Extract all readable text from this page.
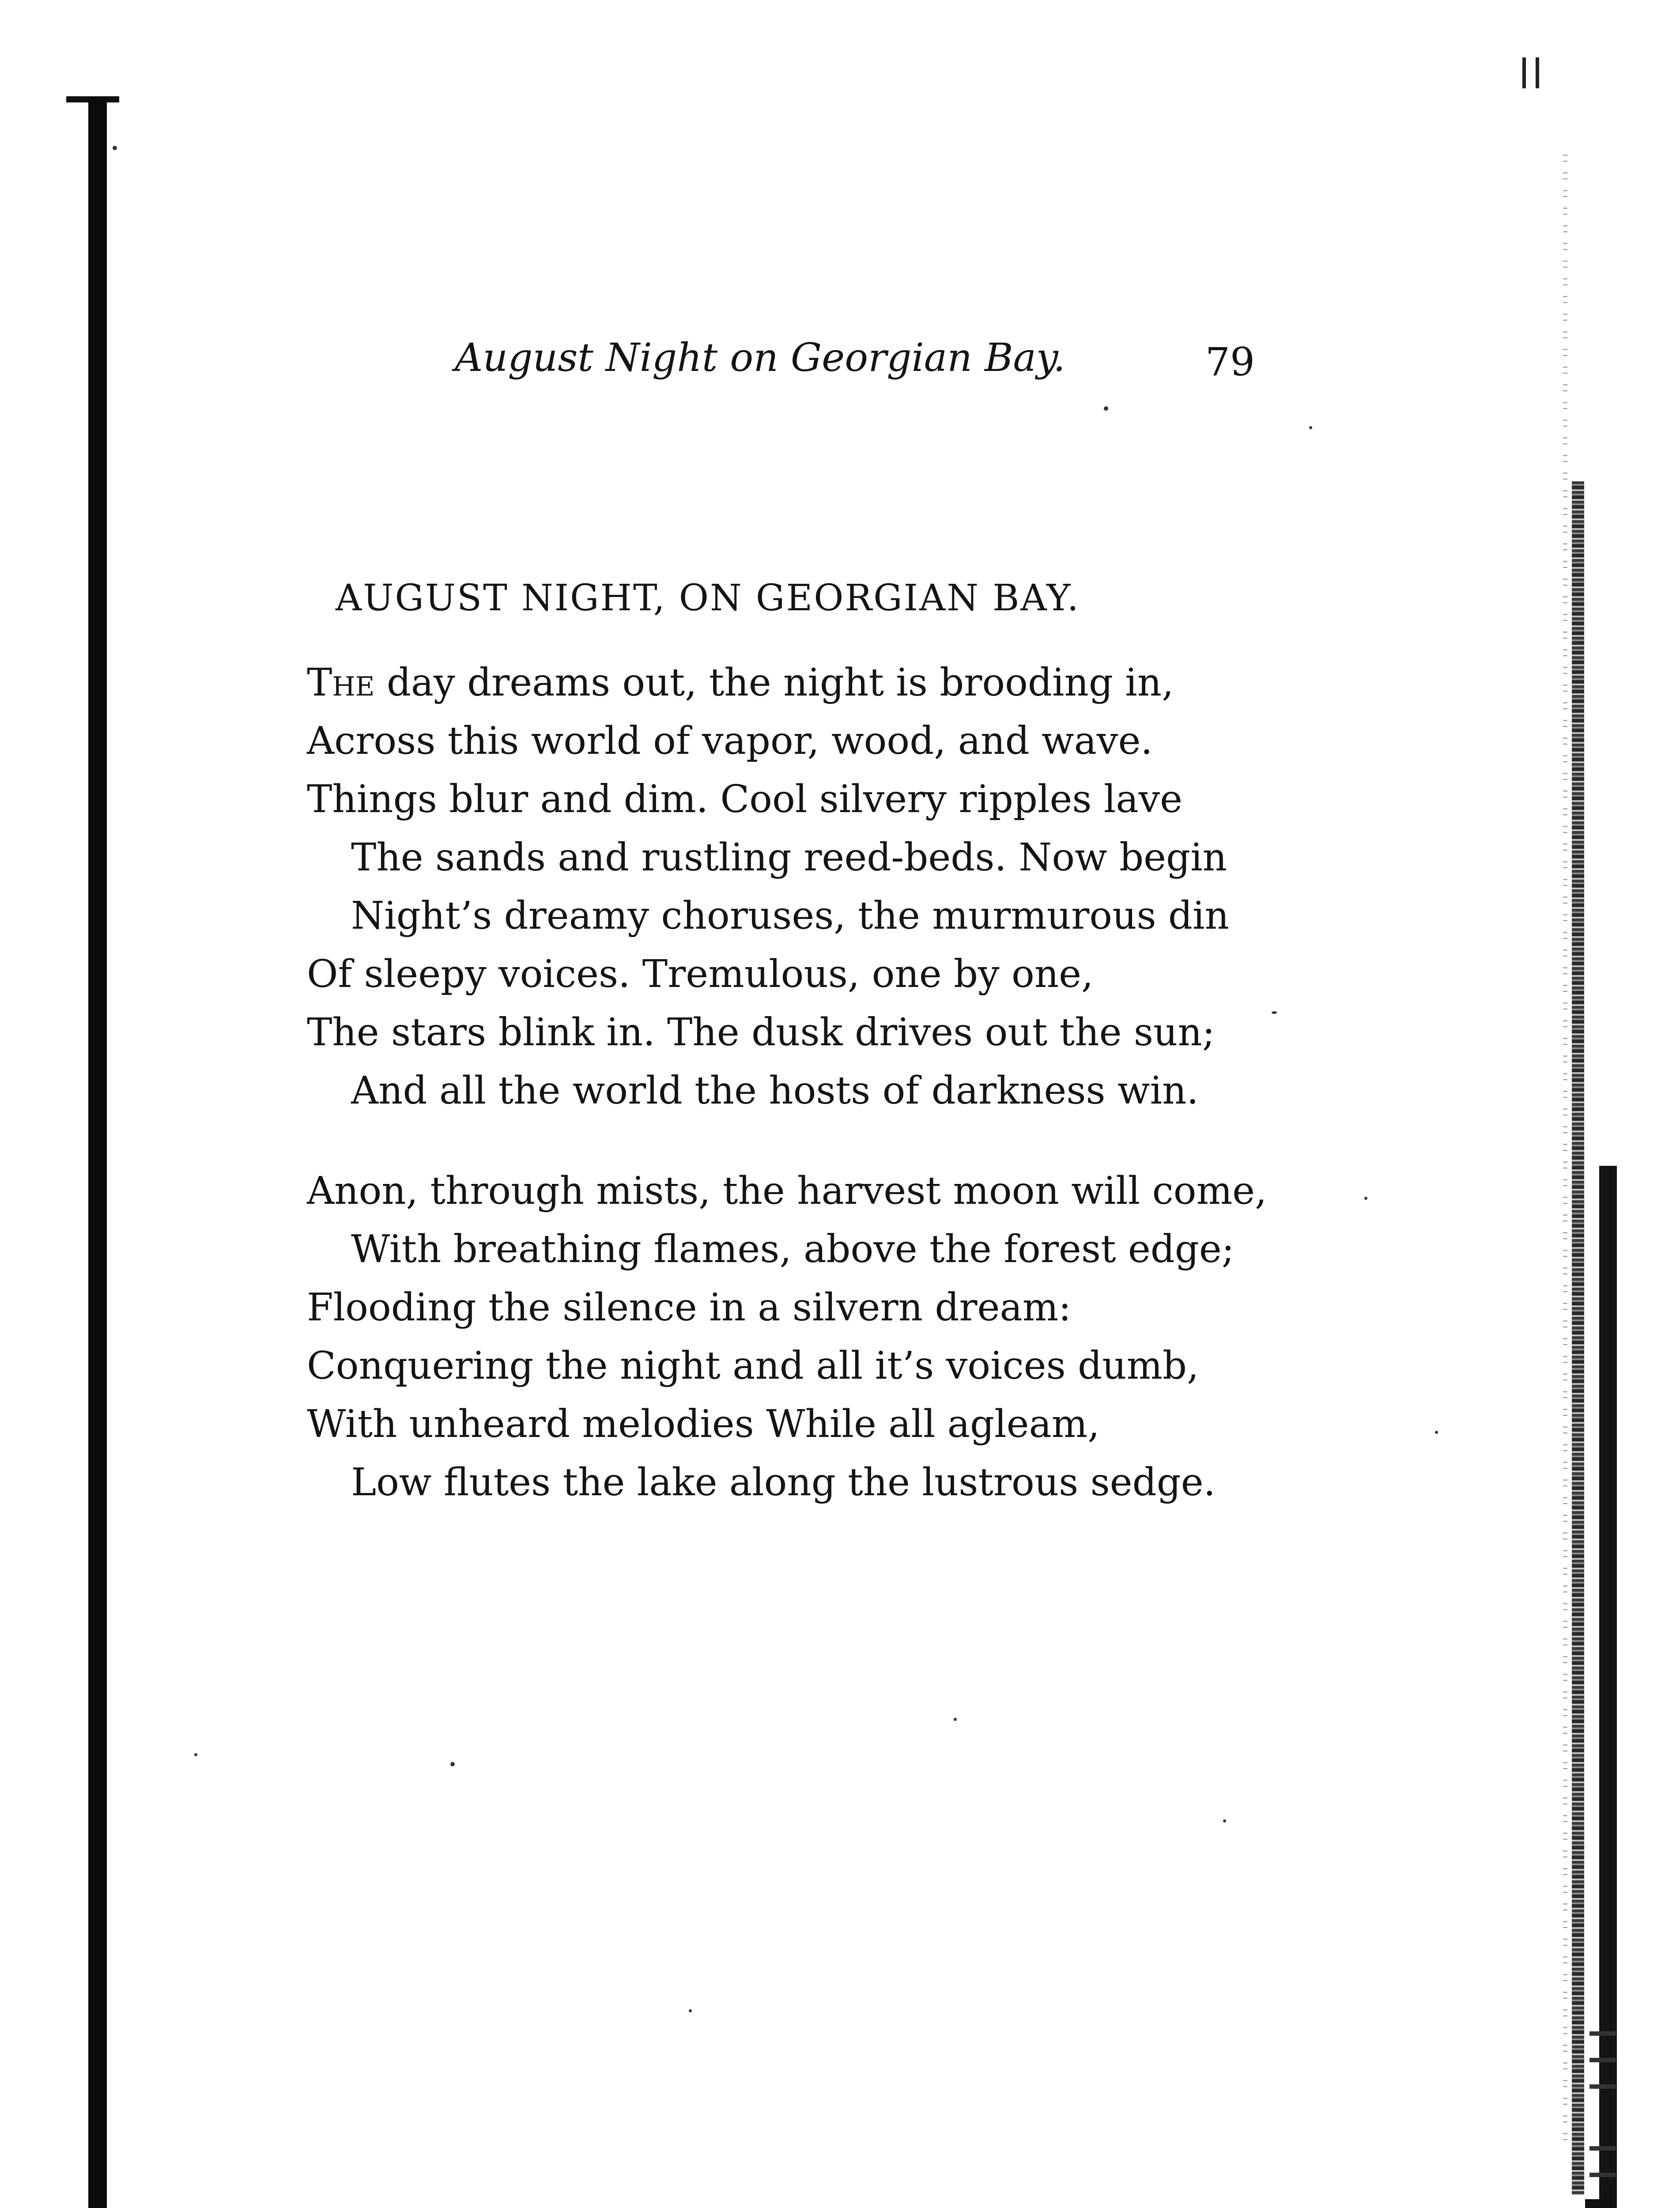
August Night on Georgian Bay.	79
AUGUST NIGHT, ON GEORGIAN BAY.
The day dreams out, the night is brooding in,
Across this world of vapor, wood, and wave.
Things blur and dim. Cool silvery ripples lave
The sands and rustling reed-beds. Now begin
Night’s dreamy choruses, the murmurous din
Of sleepy voices. Tremulous, one by one,
The stars blink in. The dusk drives out the sun;
And all the world the hosts of darkness win.
Anon, through mists, the harvest moon will come,
With breathing flames, above the forest edge;
Flooding the silence in a silvern dream:
Conquering the night and all it’s voices dumb,
With unheard melodies While all agleam,
Low flutes the lake along the lustrous sedge.
